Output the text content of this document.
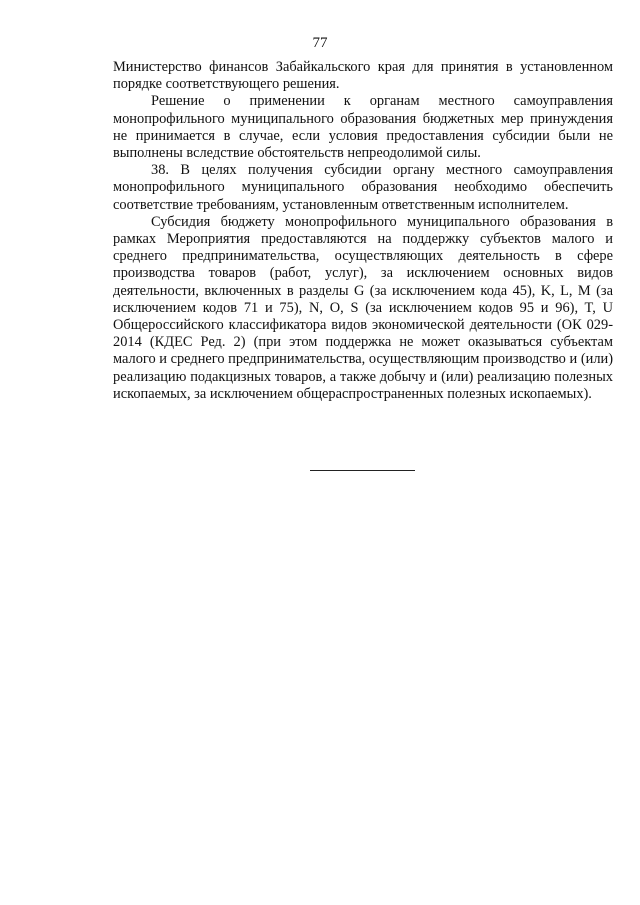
77

Министерство финансов Забайкальского края для принятия в установленном порядке соответствующего решения.

Решение о применении к органам местного самоуправления монопрофильного муниципального образования бюджетных мер принуждения не принимается в случае, если условия предоставления субсидии были не выполнены вследствие обстоятельств непреодолимой силы.

38. В целях получения субсидии органу местного самоуправления монопрофильного муниципального образования необходимо обеспечить соответствие требованиям, установленным ответственным исполнителем.

Субсидия бюджету монопрофильного муниципального образования в рамках Мероприятия предоставляются на поддержку субъектов малого и среднего предпринимательства, осуществляющих деятельность в сфере производства товаров (работ, услуг), за исключением основных видов деятельности, включенных в разделы G (за исключением кода 45), K, L, M (за исключением кодов 71 и 75), N, O, S (за исключением кодов 95 и 96), T, U Общероссийского классификатора видов экономической деятельности (ОК 029-2014 (КДЕС Ред. 2) (при этом поддержка не может оказываться субъектам малого и среднего предпринимательства, осуществляющим производство и (или) реализацию подакцизных товаров, а также добычу и (или) реализацию полезных ископаемых, за исключением общераспространенных полезных ископаемых).
